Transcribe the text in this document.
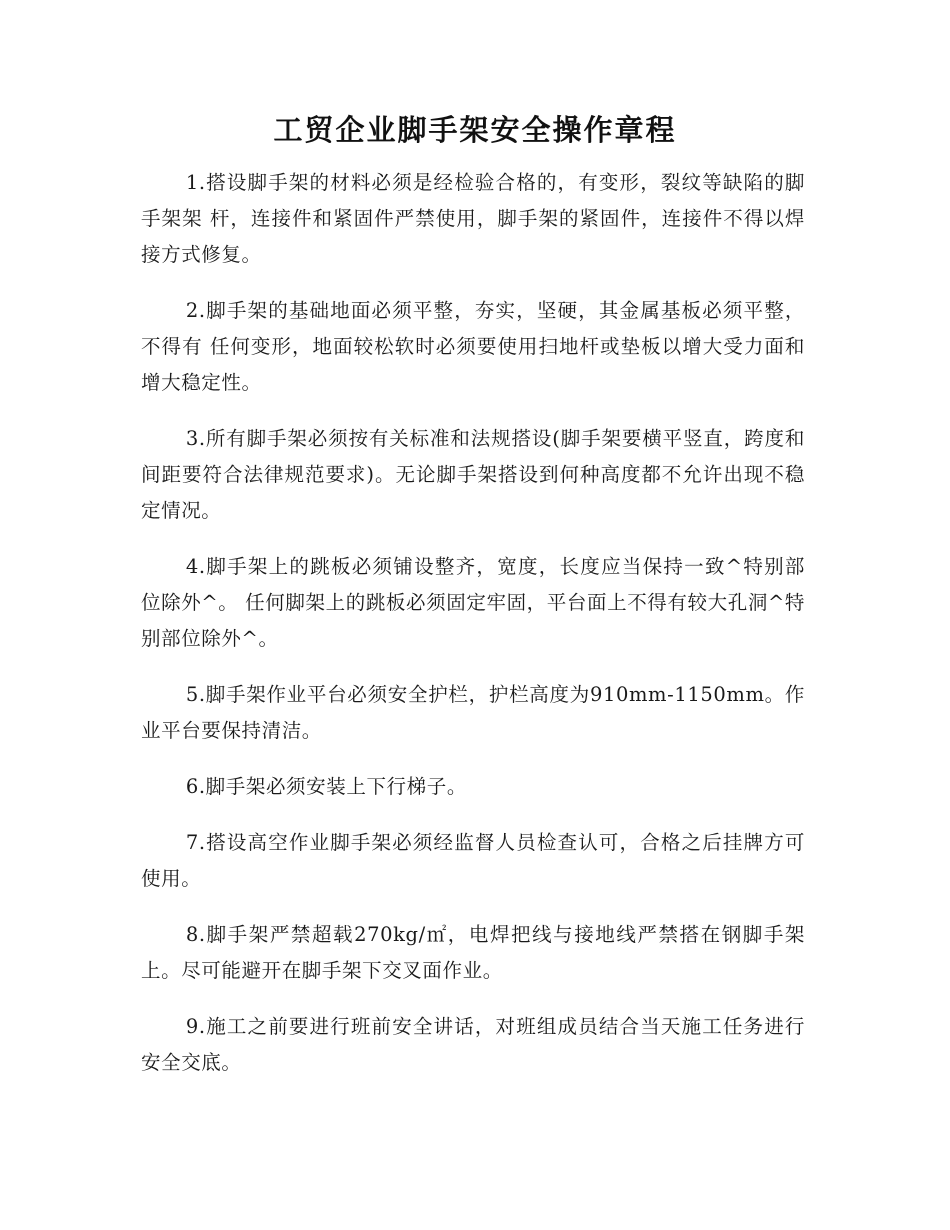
工贸企业脚手架安全操作章程

1.搭设脚手架的材料必须是经检验合格的，有变形，裂纹等缺陷的脚手架架 杆，连接件和紧固件严禁使用，脚手架的紧固件，连接件不得以焊接方式修复。

2.脚手架的基础地面必须平整，夯实，坚硬，其金属基板必须平整，不得有 任何变形，地面较松软时必须要使用扫地杆或垫板以增大受力面和增大稳定性。

3.所有脚手架必须按有关标准和法规搭设(脚手架要横平竖直，跨度和间距要符合法律规范要求)。无论脚手架搭设到何种高度都不允许出现不稳定情况。

4.脚手架上的跳板必须铺设整齐，宽度，长度应当保持一致^特别部位除外^。 任何脚架上的跳板必须固定牢固，平台面上不得有较大孔洞^特别部位除外^。

5.脚手架作业平台必须安全护栏，护栏高度为910mm-1150mm。作业平台要保持清洁。

6.脚手架必须安装上下行梯子。

7.搭设高空作业脚手架必须经监督人员检查认可，合格之后挂牌方可使用。

8.脚手架严禁超载270kg/㎡，电焊把线与接地线严禁搭在钢脚手架上。尽可能避开在脚手架下交叉面作业。

9.施工之前要进行班前安全讲话，对班组成员结合当天施工任务进行安全交底。
